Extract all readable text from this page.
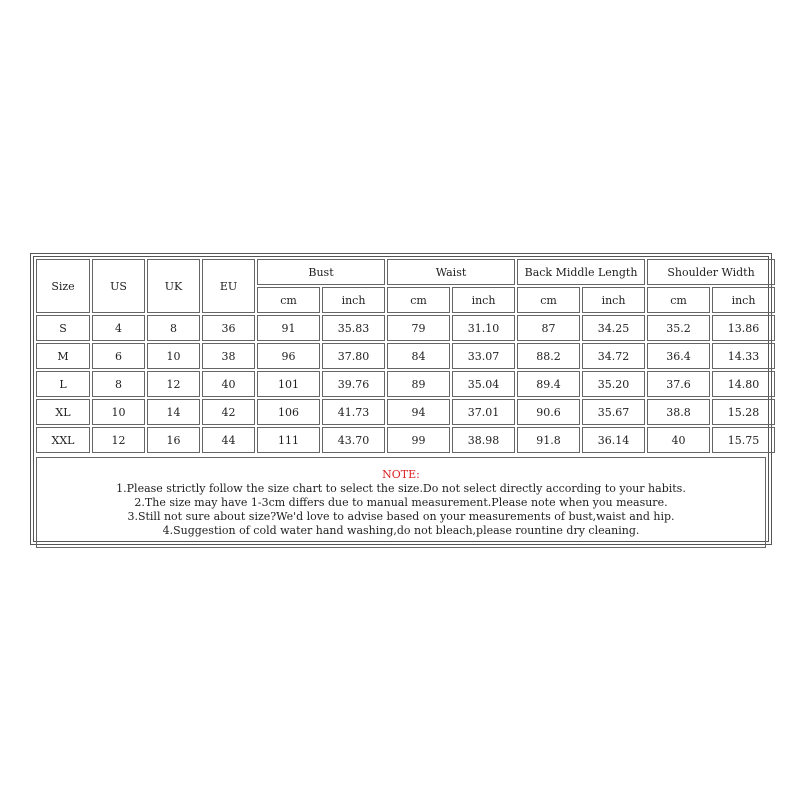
Size	US	UK	EU	Bust		Waist		Back Middle Length		Shoulder Width	
				cm	inch	cm	inch	cm	inch	cm	inch
S	4	8	36	91	35.83	79	31.10	87	34.25	35.2	13.86
M	6	10	38	96	37.80	84	33.07	88.2	34.72	36.4	14.33
L	8	12	40	101	39.76	89	35.04	89.4	35.20	37.6	14.80
XL	10	14	42	106	41.73	94	37.01	90.6	35.67	38.8	15.28
XXL	12	16	44	111	43.70	99	38.98	91.8	36.14	40	15.75
NOTE:
1.Please strictly follow the size chart to select the size.Do not select directly according to your habits.
2.The size may have 1-3cm differs due to manual measurement.Please note when you measure.
3.Still not sure about size?We'd love to advise based on your measurements of bust,waist and hip.
4.Suggestion of cold water hand washing,do not bleach,please rountine dry cleaning.
